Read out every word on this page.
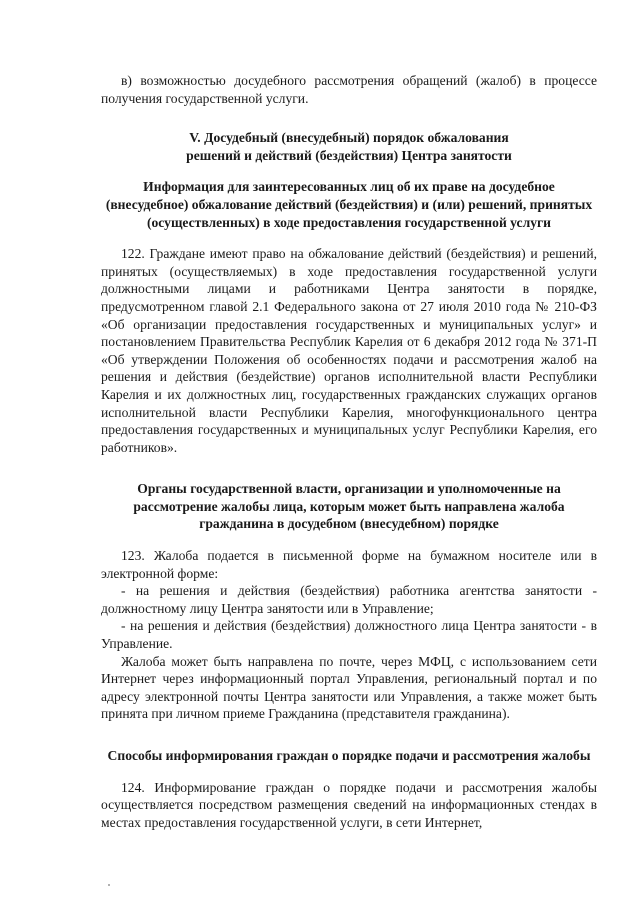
в) возможностью досудебного рассмотрения обращений (жалоб) в процессе получения государственной услуги.

V. Досудебный (внесудебный) порядок обжалования
решений и действий (бездействия) Центра занятости
Информация для заинтересованных лиц об их праве на досудебное (внесудебное) обжалование действий (бездействия) и (или) решений, принятых (осуществленных) в ходе предоставления государственной услуги

122. Граждане имеют право на обжалование действий (бездействия) и решений, принятых (осуществляемых) в ходе предоставления государственной услуги должностными лицами и работниками Центра занятости в порядке, предусмотренном главой 2.1 Федерального закона от 27 июля 2010 года № 210-ФЗ «Об организации предоставления государственных и муниципальных услуг» и постановлением Правительства Республик Карелия от 6 декабря 2012 года № 371-П «Об утверждении Положения об особенностях подачи и рассмотрения жалоб на решения и действия (бездействие) органов исполнительной власти Республики Карелия и их должностных лиц, государственных гражданских служащих органов исполнительной власти Республики Карелия, многофункционального центра предоставления государственных и муниципальных услуг Республики Карелия, его работников».

Органы государственной власти, организации и уполномоченные на рассмотрение жалобы лица, которым может быть направлена жалоба гражданина в досудебном (внесудебном) порядке

123. Жалоба подается в письменной форме на бумажном носителе или в электронной форме:

- на решения и действия (бездействия) работника агентства занятости - должностному лицу Центра занятости или в Управление;

- на решения и действия (бездействия) должностного лица Центра занятости - в Управление.

Жалоба может быть направлена по почте, через МФЦ, с использованием сети Интернет через информационный портал Управления, региональный портал и по адресу электронной почты Центра занятости или Управления, а также может быть принята при личном приеме Гражданина (представителя гражданина).

Способы информирования граждан о порядке подачи и рассмотрения жалобы

124. Информирование граждан о порядке подачи и рассмотрения жалобы осуществляется посредством размещения сведений на информационных стендах в местах предоставления государственной услуги, в сети Интернет,
